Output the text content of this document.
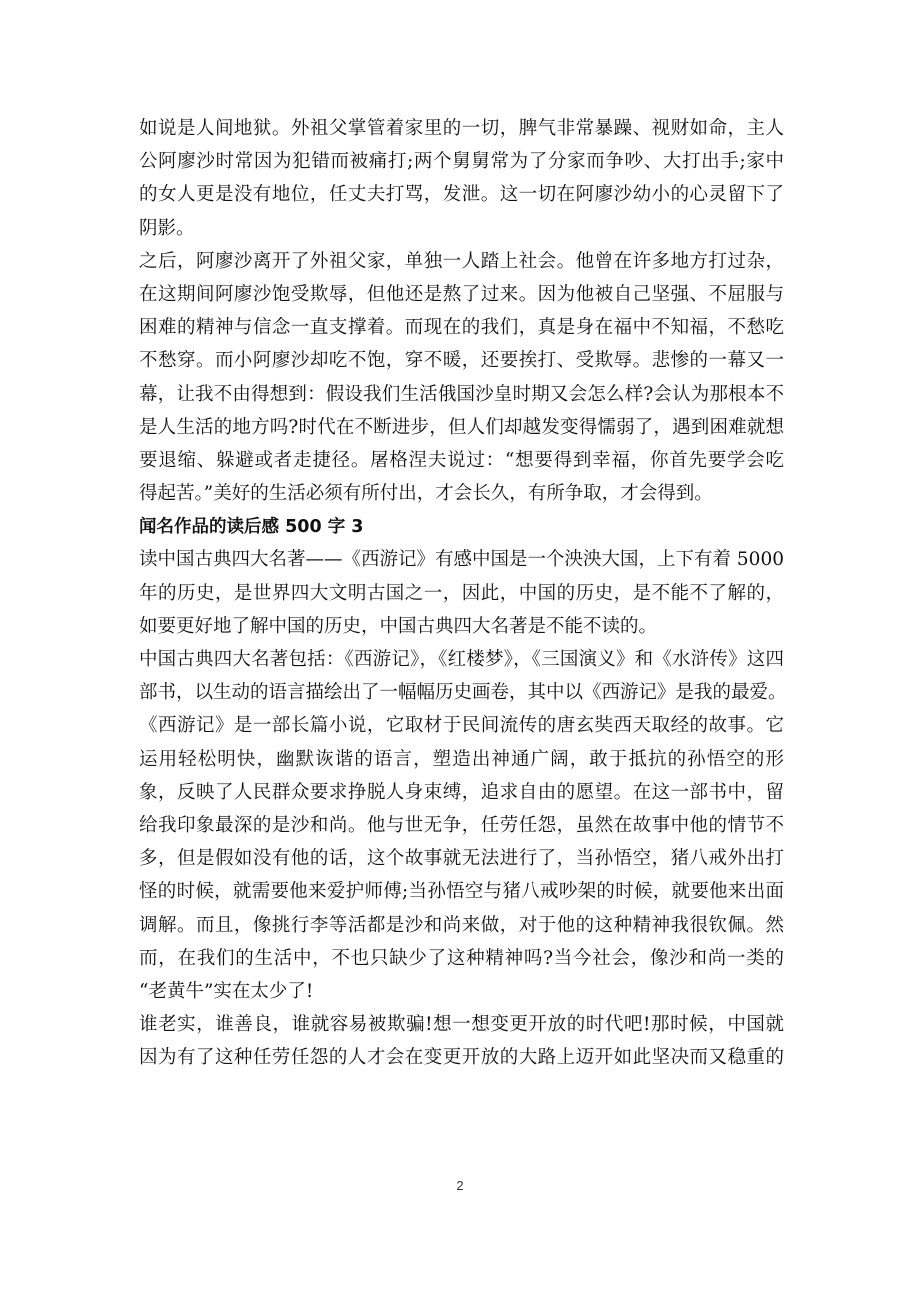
如说是人间地狱。外祖父掌管着家里的一切，脾气非常暴躁、视财如命，主人
公阿廖沙时常因为犯错而被痛打;两个舅舅常为了分家而争吵、大打出手;家中
的女人更是没有地位，任丈夫打骂，发泄。这一切在阿廖沙幼小的心灵留下了
阴影。
之后，阿廖沙离开了外祖父家，单独一人踏上社会。他曾在许多地方打过杂，
在这期间阿廖沙饱受欺辱，但他还是熬了过来。因为他被自己坚强、不屈服与
困难的精神与信念一直支撑着。而现在的我们，真是身在福中不知福，不愁吃
不愁穿。而小阿廖沙却吃不饱，穿不暖，还要挨打、受欺辱。悲惨的一幕又一
幕，让我不由得想到：假设我们生活俄国沙皇时期又会怎么样?会认为那根本不
是人生活的地方吗?时代在不断进步，但人们却越发变得懦弱了，遇到困难就想
要退缩、躲避或者走捷径。屠格涅夫说过：“想要得到幸福，你首先要学会吃
得起苦。”美好的生活必须有所付出，才会长久，有所争取，才会得到。
闻名作品的读后感 500 字 3
读中国古典四大名著——《西游记》有感中国是一个泱泱大国，上下有着 5000
年的历史，是世界四大文明古国之一，因此，中国的历史，是不能不了解的，
如要更好地了解中国的历史，中国古典四大名著是不能不读的。
中国古典四大名著包括：《西游记》，《红楼梦》，《三国演义》和《水浒传》这四
部书，以生动的语言描绘出了一幅幅历史画卷，其中以《西游记》是我的最爱。
《西游记》是一部长篇小说，它取材于民间流传的唐玄奘西天取经的故事。它
运用轻松明快，幽默诙谐的语言，塑造出神通广阔，敢于抵抗的孙悟空的形
象，反映了人民群众要求挣脱人身束缚，追求自由的愿望。在这一部书中，留
给我印象最深的是沙和尚。他与世无争，任劳任怨，虽然在故事中他的情节不
多，但是假如没有他的话，这个故事就无法进行了，当孙悟空，猪八戒外出打
怪的时候，就需要他来爱护师傅;当孙悟空与猪八戒吵架的时候，就要他来出面
调解。而且，像挑行李等活都是沙和尚来做，对于他的这种精神我很钦佩。然
而，在我们的生活中，不也只缺少了这种精神吗?当今社会，像沙和尚一类的
“老黄牛”实在太少了!
谁老实，谁善良，谁就容易被欺骗!想一想变更开放的时代吧!那时候，中国就
因为有了这种任劳任怨的人才会在变更开放的大路上迈开如此坚决而又稳重的
2
